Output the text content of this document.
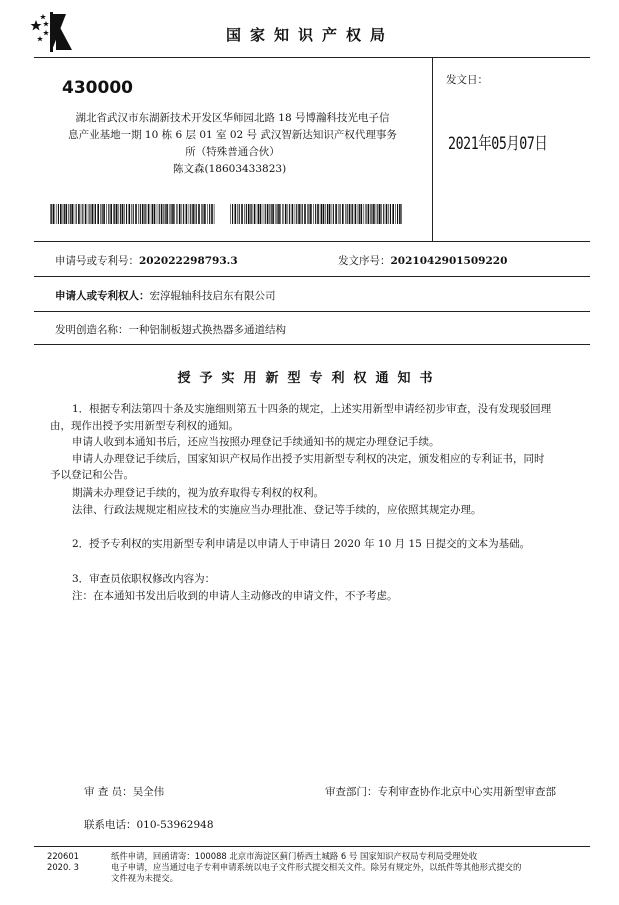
国家知识产权局
430000
湖北省武汉市东湖新技术开发区华师园北路 18 号博瀚科技光电子信
息产业基地一期 10 栋 6 层 01 室 02 号 武汉智新达知识产权代理事务
所（特殊普通合伙）
陈文森(18603433823)
发文日：
2021年05月07日
申请号或专利号：202022298793.3	发文序号：2021042901509220
申请人或专利权人：宏淳辊轴科技启东有限公司
发明创造名称：一种铝制板翅式换热器多通道结构
授予实用新型专利权通知书
1．根据专利法第四十条及实施细则第五十四条的规定，上述实用新型申请经初步审查，没有发现驳回理
由，现作出授予实用新型专利权的通知。
申请人收到本通知书后，还应当按照办理登记手续通知书的规定办理登记手续。
申请人办理登记手续后，国家知识产权局作出授予实用新型专利权的决定，颁发相应的专利证书，同时
予以登记和公告。
期满未办理登记手续的，视为放弃取得专利权的权利。
法律、行政法规规定相应技术的实施应当办理批准、登记等手续的，应依照其规定办理。
2．授予专利权的实用新型专利申请是以申请人于申请日 2020 年 10 月 15 日提交的文本为基础。
3．审查员依职权修改内容为：
注：在本通知书发出后收到的申请人主动修改的申请文件，不予考虑。
审 查 员：吴全伟	审查部门：专利审查协作北京中心实用新型审查部
联系电话：010-53962948
220601
2020. 3
纸件申请，回函请寄：100088 北京市海淀区蓟门桥西土城路 6 号 国家知识产权局专利局受理处收
电子申请，应当通过电子专利申请系统以电子文件形式提交相关文件。除另有规定外，以纸件等其他形式提交的
文件视为未提交。
